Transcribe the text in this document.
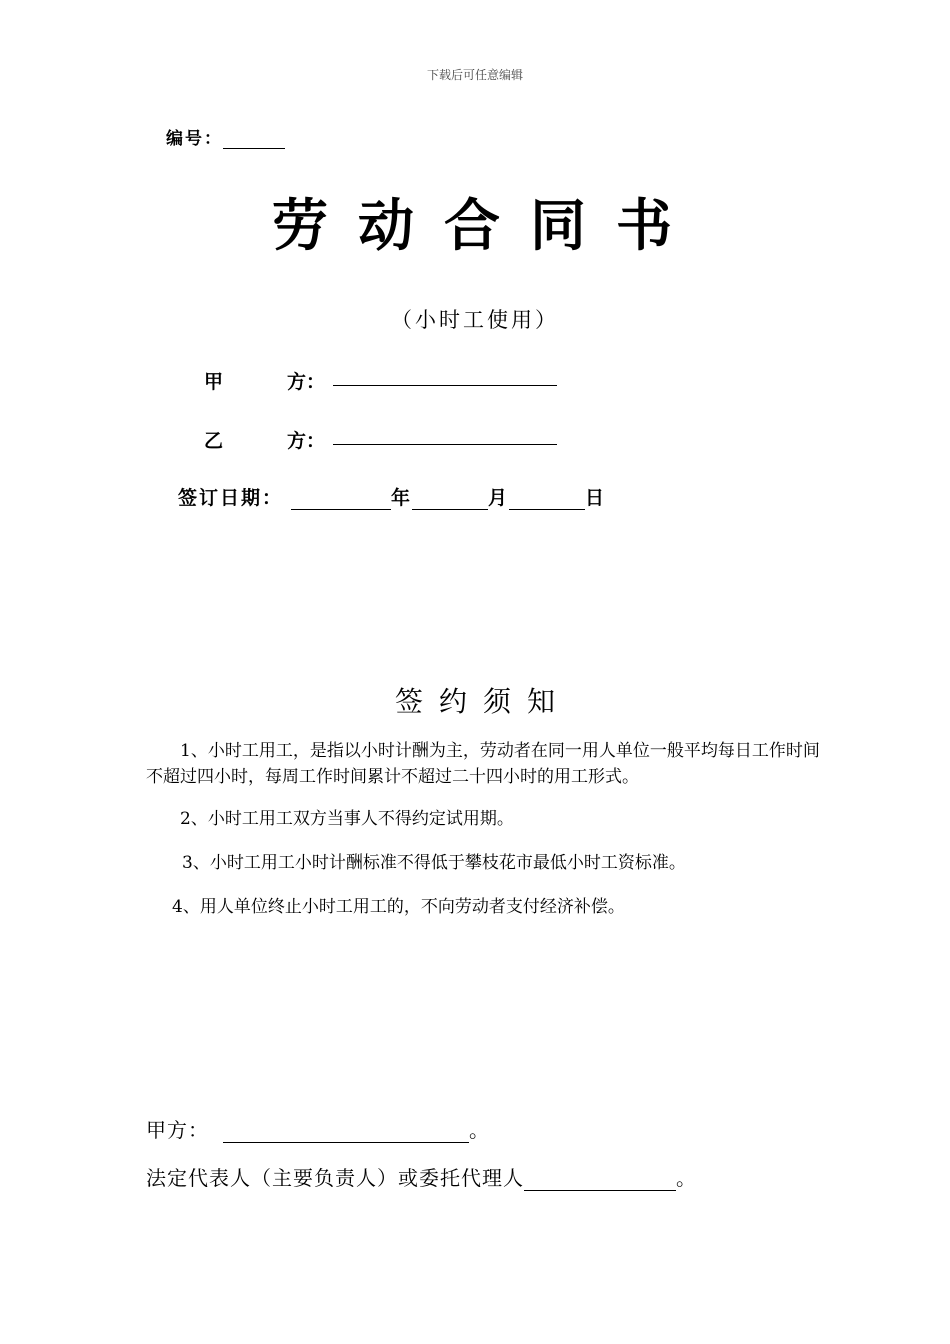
下载后可任意编辑
编号：
劳动合同书
（小时工使用）
甲	方：
乙	方：
签订日期：	年	月	日
签约须知

1、小时工用工，是指以小时计酬为主，劳动者在同一用人单位一般平均每日工作时间不超过四小时，每周工作时间累计不超过二十四小时的用工形式。

2、小时工用工双方当事人不得约定试用期。

3、小时工用工小时计酬标准不得低于攀枝花市最低小时工资标准。

4、用人单位终止小时工用工的，不向劳动者支付经济补偿。

甲方：	。
法定代表人（主要负责人）或委托代理人	。
